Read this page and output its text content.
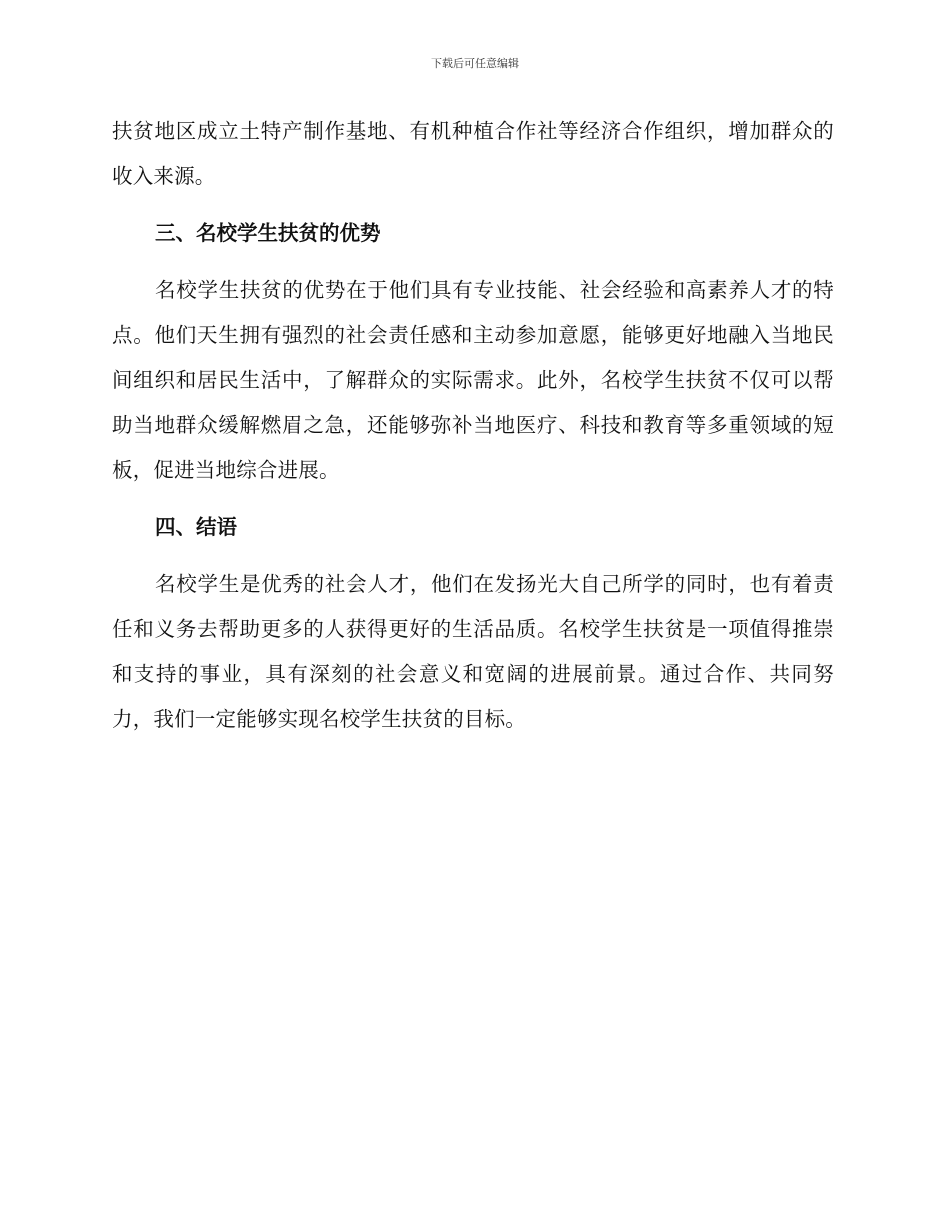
下载后可任意编辑

扶贫地区成立土特产制作基地、有机种植合作社等经济合作组织，增加群众的收入来源。

三、名校学生扶贫的优势

名校学生扶贫的优势在于他们具有专业技能、社会经验和高素养人才的特点。他们天生拥有强烈的社会责任感和主动参加意愿，能够更好地融入当地民间组织和居民生活中，了解群众的实际需求。此外，名校学生扶贫不仅可以帮助当地群众缓解燃眉之急，还能够弥补当地医疗、科技和教育等多重领域的短板，促进当地综合进展。

四、结语

名校学生是优秀的社会人才，他们在发扬光大自己所学的同时，也有着责任和义务去帮助更多的人获得更好的生活品质。名校学生扶贫是一项值得推崇和支持的事业，具有深刻的社会意义和宽阔的进展前景。通过合作、共同努力，我们一定能够实现名校学生扶贫的目标。
